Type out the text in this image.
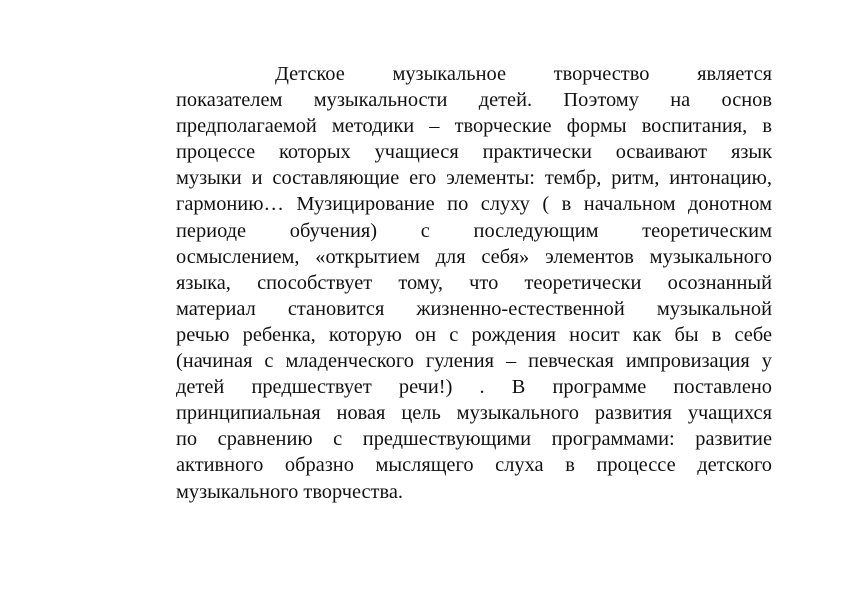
Детское музыкальное творчество является
показателем музыкальности детей. Поэтому на основ
предполагаемой методики – творческие формы воспитания, в
процессе которых учащиеся практически осваивают язык
музыки и составляющие его элементы: тембр, ритм, интонацию,
гармонию… Музицирование по слуху ( в начальном донотном
периоде обучения) с последующим теоретическим
осмыслением, «открытием для себя» элементов музыкального
языка, способствует тому, что теоретически осознанный
материал становится жизненно-естественной музыкальной
речью ребенка, которую он с рождения носит как бы в себе
(начиная с младенческого гуления – певческая импровизация у
детей предшествует речи!) . В программе поставлено
принципиальная новая цель музыкального развития учащихся
по сравнению с предшествующими программами: развитие
активного образно мыслящего слуха в процессе детского
музыкального творчества.
